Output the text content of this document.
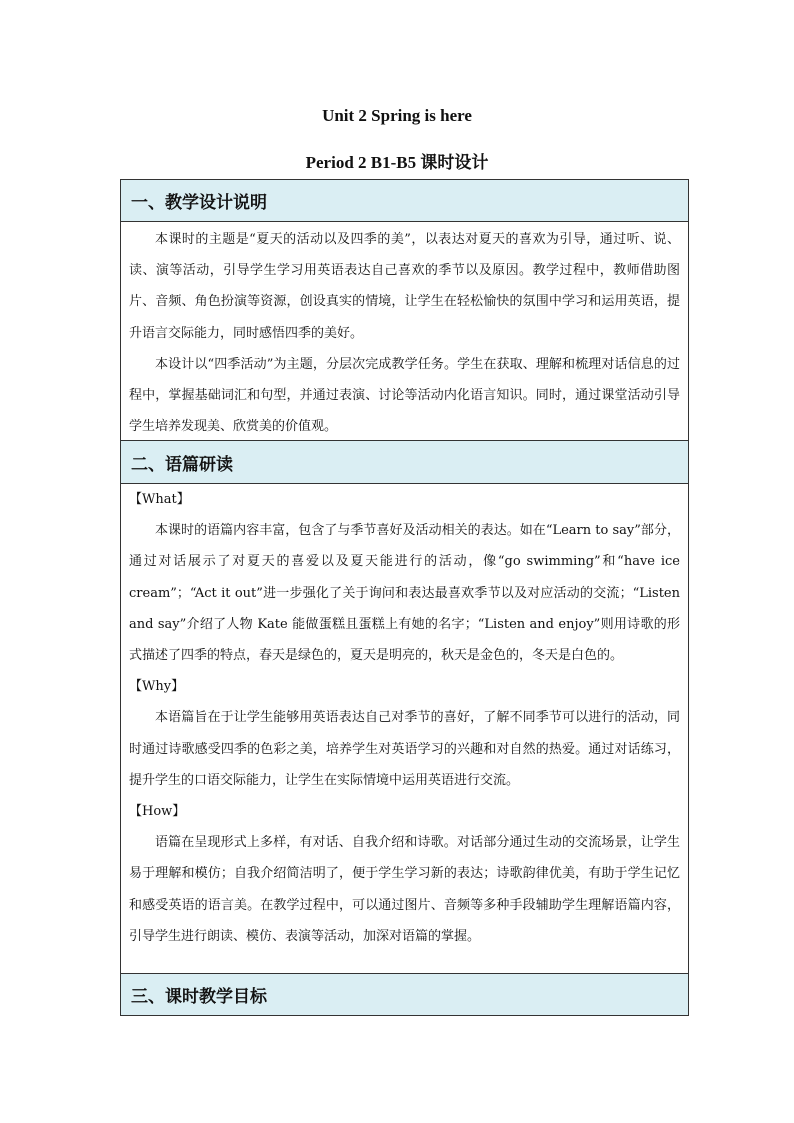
Unit 2 Spring is here
Period 2 B1-B5 课时设计
一、教学设计说明

本课时的主题是“夏天的活动以及四季的美”，以表达对夏天的喜欢为引导，通过听、说、读、演等活动，引导学生学习用英语表达自己喜欢的季节以及原因。教学过程中，教师借助图片、音频、角色扮演等资源，创设真实的情境，让学生在轻松愉快的氛围中学习和运用英语，提升语言交际能力，同时感悟四季的美好。

本设计以“四季活动”为主题，分层次完成教学任务。学生在获取、理解和梳理对话信息的过程中，掌握基础词汇和句型，并通过表演、讨论等活动内化语言知识。同时，通过课堂活动引导学生培养发现美、欣赏美的价值观。

二、语篇研读

【What】

本课时的语篇内容丰富，包含了与季节喜好及活动相关的表达。如在“Learn to say”部分，通过对话展示了对夏天的喜爱以及夏天能进行的活动，像“go swimming”和“have ice cream”；“Act it out”进一步强化了关于询问和表达最喜欢季节以及对应活动的交流；“Listen and say”介绍了人物 Kate 能做蛋糕且蛋糕上有她的名字；“Listen and enjoy”则用诗歌的形式描述了四季的特点，春天是绿色的，夏天是明亮的，秋天是金色的，冬天是白色的。

【Why】

本语篇旨在于让学生能够用英语表达自己对季节的喜好，了解不同季节可以进行的活动，同时通过诗歌感受四季的色彩之美，培养学生对英语学习的兴趣和对自然的热爱。通过对话练习，提升学生的口语交际能力，让学生在实际情境中运用英语进行交流。

【How】

语篇在呈现形式上多样，有对话、自我介绍和诗歌。对话部分通过生动的交流场景，让学生易于理解和模仿；自我介绍简洁明了，便于学生学习新的表达；诗歌韵律优美，有助于学生记忆和感受英语的语言美。在教学过程中，可以通过图片、音频等多种手段辅助学生理解语篇内容，引导学生进行朗读、模仿、表演等活动，加深对语篇的掌握。

三、课时教学目标
